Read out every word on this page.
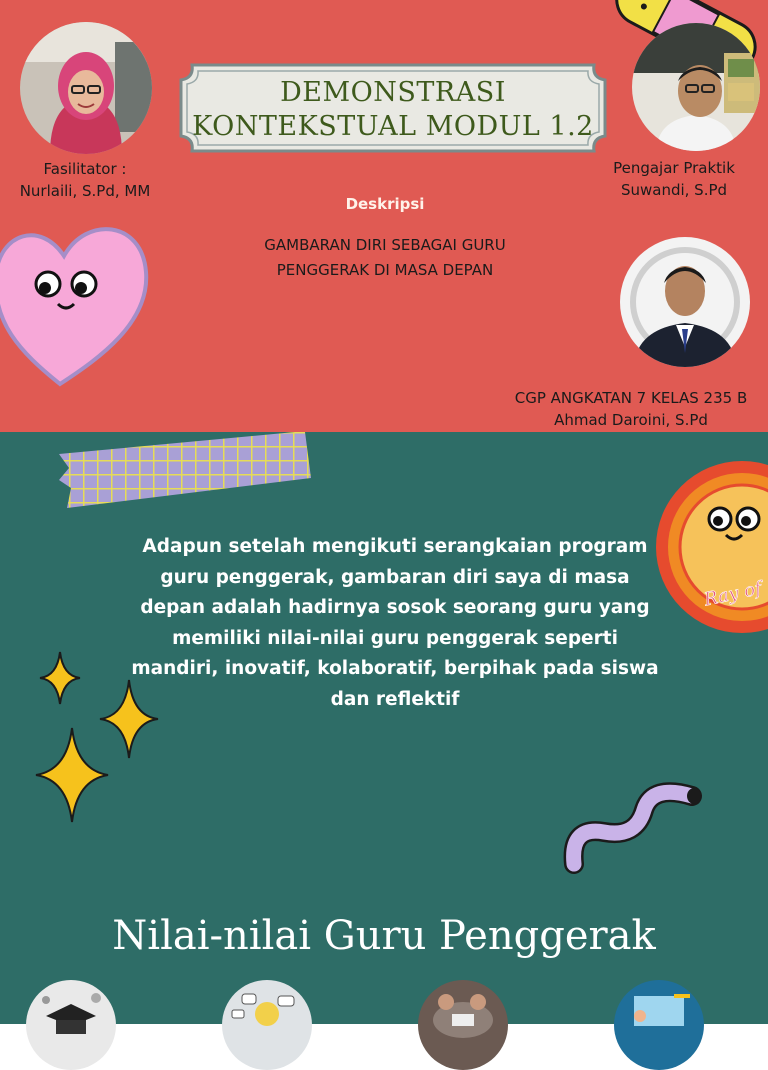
Fasilitator :
Nurlaili, S.Pd, MM
DEMONSTRASI
KONTEKSTUAL MODUL 1.2
Pengajar Praktik
Suwandi, S.Pd
Deskripsi
GAMBARAN DIRI SEBAGAI GURU
PENGGERAK DI MASA DEPAN
CGP ANGKATAN 7 KELAS 235 B
Ahmad Daroini, S.Pd
Ray of
Adapun setelah mengikuti serangkaian program guru penggerak, gambaran diri saya di masa depan adalah hadirnya sosok seorang guru yang memiliki nilai-nilai guru penggerak seperti mandiri, inovatif, kolaboratif, berpihak pada siswa dan reflektif
Nilai-nilai Guru Penggerak
